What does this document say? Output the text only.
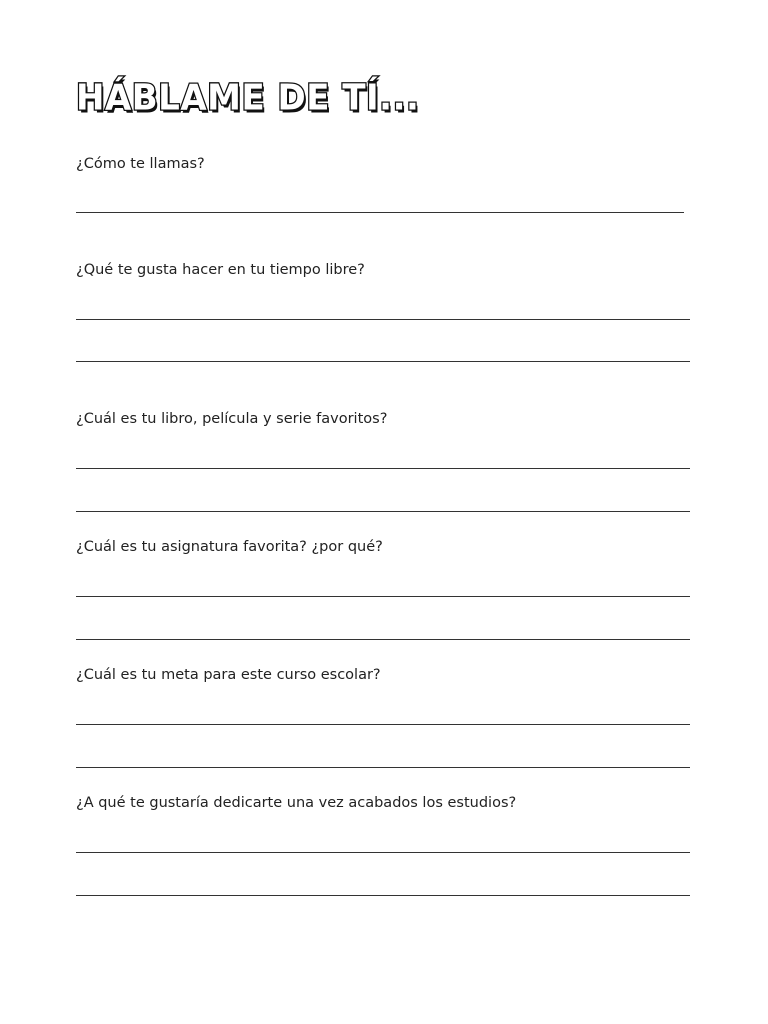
HÁBLAME DE TÍ...
¿Cómo te llamas?
¿Qué te gusta hacer en tu tiempo libre?
¿Cuál es tu libro, película y serie favoritos?
¿Cuál es tu asignatura favorita? ¿por qué?
¿Cuál es tu meta para este curso escolar?
¿A qué te gustaría dedicarte una vez acabados los estudios?
